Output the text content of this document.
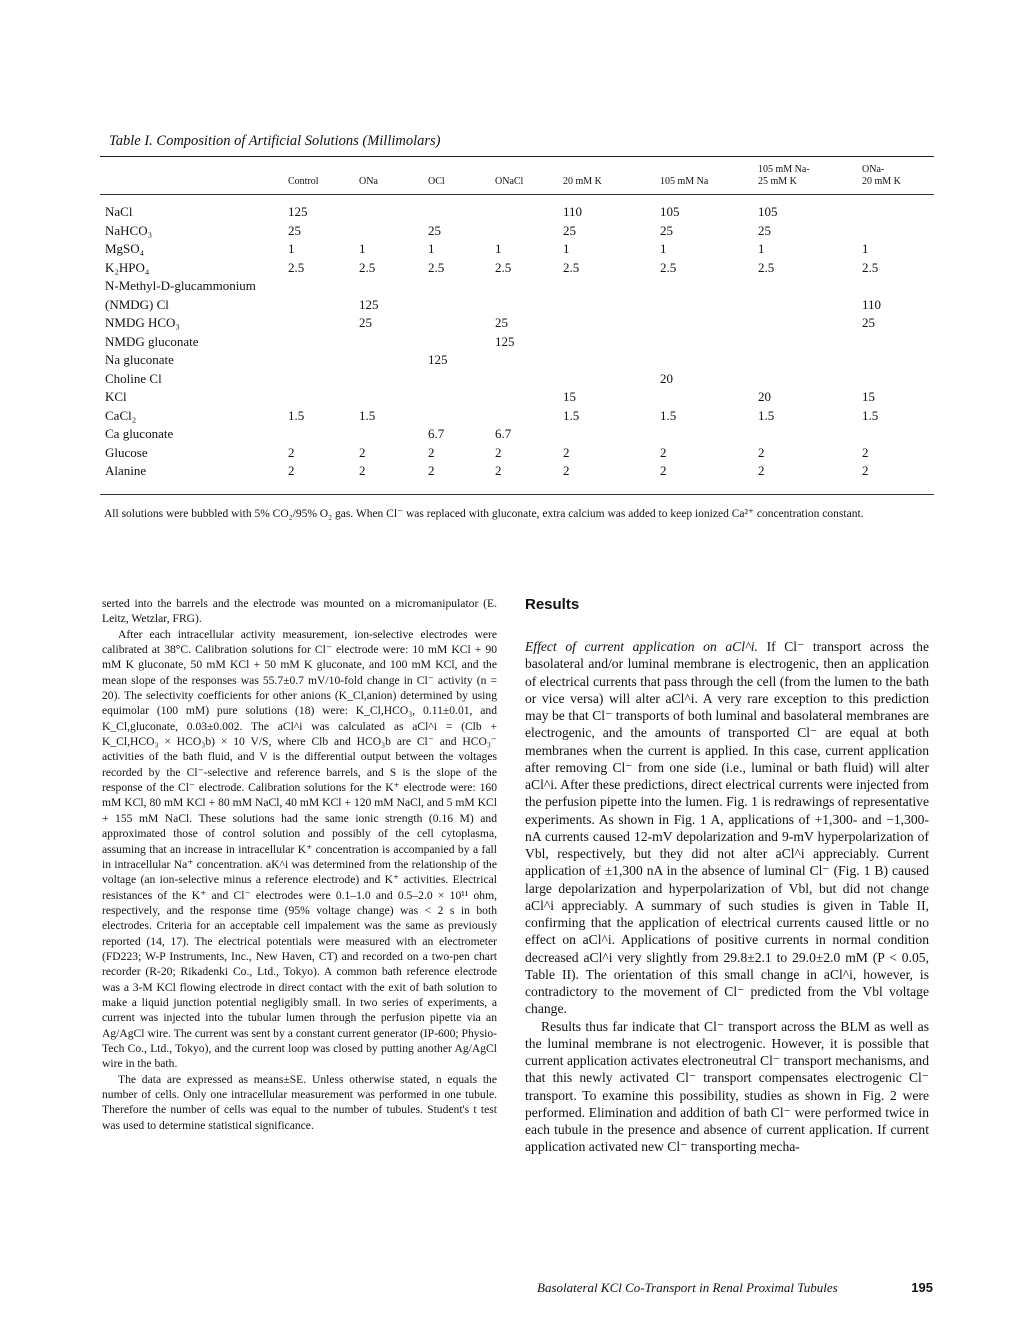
Table I. Composition of Artificial Solutions (Millimolars)
	Control	ONa	OCl	ONaCl	20 mM K	105 mM Na	105 mM Na-
25 mM K	ONa-
20 mM K
NaCl	125				110	105	105	
NaHCO₃	25		25		25	25	25	
MgSO₄	1	1	1	1	1	1	1	1
K₂HPO₄	2.5	2.5	2.5	2.5	2.5	2.5	2.5	2.5
N-Methyl-D-glucammonium								
(NMDG) Cl		125						110
NMDG HCO₃		25		25				25
NMDG gluconate				125				
Na gluconate			125					
Choline Cl						20		
KCl					15		20	15
CaCl₂	1.5	1.5			1.5	1.5	1.5	1.5
Ca gluconate			6.7	6.7				
Glucose	2	2	2	2	2	2	2	2
Alanine	2	2	2	2	2	2	2	2
All solutions were bubbled with 5% CO₂/95% O₂ gas. When Cl⁻ was replaced with gluconate, extra calcium was added to keep ionized Ca²⁺ concentration constant.

serted into the barrels and the electrode was mounted on a micromanipulator (E. Leitz, Wetzlar, FRG).

After each intracellular activity measurement, ion-selective electrodes were calibrated at 38°C. Calibration solutions for Cl⁻ electrode were: 10 mM KCl + 90 mM K gluconate, 50 mM KCl + 50 mM K gluconate, and 100 mM KCl, and the mean slope of the responses was 55.7±0.7 mV/10-fold change in Cl⁻ activity (n = 20). The selectivity coefficients for other anions (K_Cl,anion) determined by using equimolar (100 mM) pure solutions (18) were: K_Cl,HCO₃, 0.11±0.01, and K_Cl,gluconate, 0.03±0.002. The aCl^i was calculated as aCl^i = (Clb + K_Cl,HCO₃ × HCO₃b) × 10 V/S, where Clb and HCO₃b are Cl⁻ and HCO₃⁻ activities of the bath fluid, and V is the differential output between the voltages recorded by the Cl⁻-selective and reference barrels, and S is the slope of the response of the Cl⁻ electrode. Calibration solutions for the K⁺ electrode were: 160 mM KCl, 80 mM KCl + 80 mM NaCl, 40 mM KCl + 120 mM NaCl, and 5 mM KCl + 155 mM NaCl. These solutions had the same ionic strength (0.16 M) and approximated those of control solution and possibly of the cell cytoplasma, assuming that an increase in intracellular K⁺ concentration is accompanied by a fall in intracellular Na⁺ concentration. aK^i was determined from the relationship of the voltage (an ion-selective minus a reference electrode) and K⁺ activities. Electrical resistances of the K⁺ and Cl⁻ electrodes were 0.1–1.0 and 0.5–2.0 × 10¹¹ ohm, respectively, and the response time (95% voltage change) was < 2 s in both electrodes. Criteria for an acceptable cell impalement was the same as previously reported (14, 17). The electrical potentials were measured with an electrometer (FD223; W-P Instruments, Inc., New Haven, CT) and recorded on a two-pen chart recorder (R-20; Rikadenki Co., Ltd., Tokyo). A common bath reference electrode was a 3-M KCl flowing electrode in direct contact with the exit of bath solution to make a liquid junction potential negligibly small. In two series of experiments, a current was injected into the tubular lumen through the perfusion pipette via an Ag/AgCl wire. The current was sent by a constant current generator (IP-600; Physio-Tech Co., Ltd., Tokyo), and the current loop was closed by putting another Ag/AgCl wire in the bath.

The data are expressed as means±SE. Unless otherwise stated, n equals the number of cells. Only one intracellular measurement was performed in one tubule. Therefore the number of cells was equal to the number of tubules. Student's t test was used to determine statistical significance.

Results

Effect of current application on aCl^i. If Cl⁻ transport across the basolateral and/or luminal membrane is electrogenic, then an application of electrical currents that pass through the cell (from the lumen to the bath or vice versa) will alter aCl^i. A very rare exception to this prediction may be that Cl⁻ transports of both luminal and basolateral membranes are electrogenic, and the amounts of transported Cl⁻ are equal at both membranes when the current is applied. In this case, current application after removing Cl⁻ from one side (i.e., luminal or bath fluid) will alter aCl^i. After these predictions, direct electrical currents were injected from the perfusion pipette into the lumen. Fig. 1 is redrawings of representative experiments. As shown in Fig. 1 A, applications of +1,300- and −1,300-nA currents caused 12-mV depolarization and 9-mV hyperpolarization of Vbl, respectively, but they did not alter aCl^i appreciably. Current application of ±1,300 nA in the absence of luminal Cl⁻ (Fig. 1 B) caused large depolarization and hyperpolarization of Vbl, but did not change aCl^i appreciably. A summary of such studies is given in Table II, confirming that the application of electrical currents caused little or no effect on aCl^i. Applications of positive currents in normal condition decreased aCl^i very slightly from 29.8±2.1 to 29.0±2.0 mM (P < 0.05, Table II). The orientation of this small change in aCl^i, however, is contradictory to the movement of Cl⁻ predicted from the Vbl voltage change.

Results thus far indicate that Cl⁻ transport across the BLM as well as the luminal membrane is not electrogenic. However, it is possible that current application activates electroneutral Cl⁻ transport mechanisms, and that this newly activated Cl⁻ transport compensates electrogenic Cl⁻ transport. To examine this possibility, studies as shown in Fig. 2 were performed. Elimination and addition of bath Cl⁻ were performed twice in each tubule in the presence and absence of current application. If current application activated new Cl⁻ transporting mecha-

Basolateral KCl Co-Transport in Renal Proximal Tubules	195
